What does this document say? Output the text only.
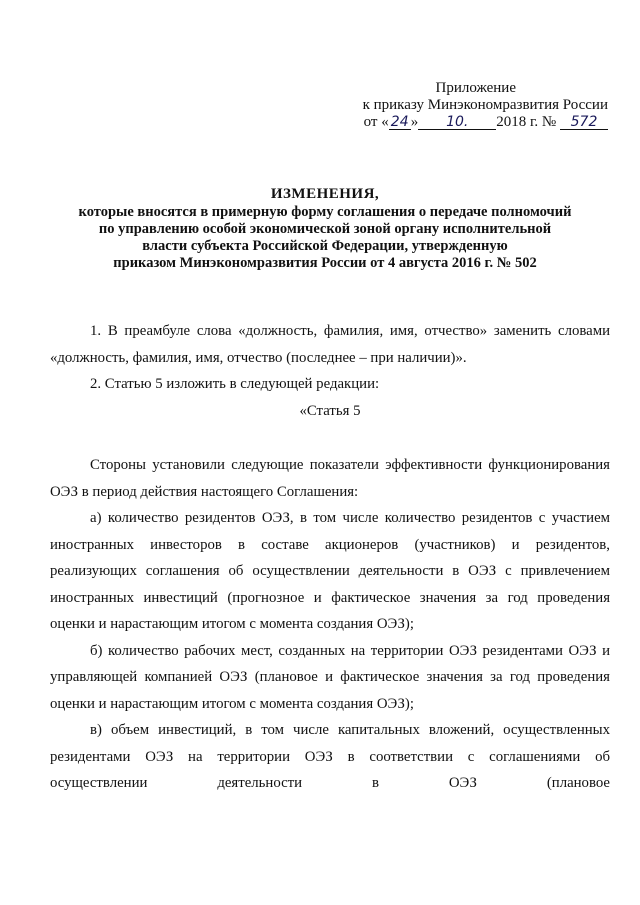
Приложение
к приказу Минэкономразвития России
от « 24 » 10. 2018 г. № 572
ИЗМЕНЕНИЯ,
которые вносятся в примерную форму соглашения о передаче полномочий
по управлению особой экономической зоной органу исполнительной
власти субъекта Российской Федерации, утвержденную
приказом Минэкономразвития России от 4 августа 2016 г. № 502

1. В преамбуле слова «должность, фамилия, имя, отчество» заменить словами «должность, фамилия, имя, отчество (последнее – при наличии)».

2. Статью 5 изложить в следующей редакции:

«Статья 5

Стороны установили следующие показатели эффективности функционирования ОЭЗ в период действия настоящего Соглашения:

а) количество резидентов ОЭЗ, в том числе количество резидентов с участием иностранных инвесторов в составе акционеров (участников) и резидентов, реализующих соглашения об осуществлении деятельности в ОЭЗ с привлечением иностранных инвестиций (прогнозное и фактическое значения за год проведения оценки и нарастающим итогом с момента создания ОЭЗ);

б) количество рабочих мест, созданных на территории ОЭЗ резидентами ОЭЗ и управляющей компанией ОЭЗ (плановое и фактическое значения за год проведения оценки и нарастающим итогом с момента создания ОЭЗ);

в) объем инвестиций, в том числе капитальных вложений, осуществленных резидентами ОЭЗ на территории ОЭЗ в соответствии с соглашениями об осуществлении деятельности в ОЭЗ (плановое
